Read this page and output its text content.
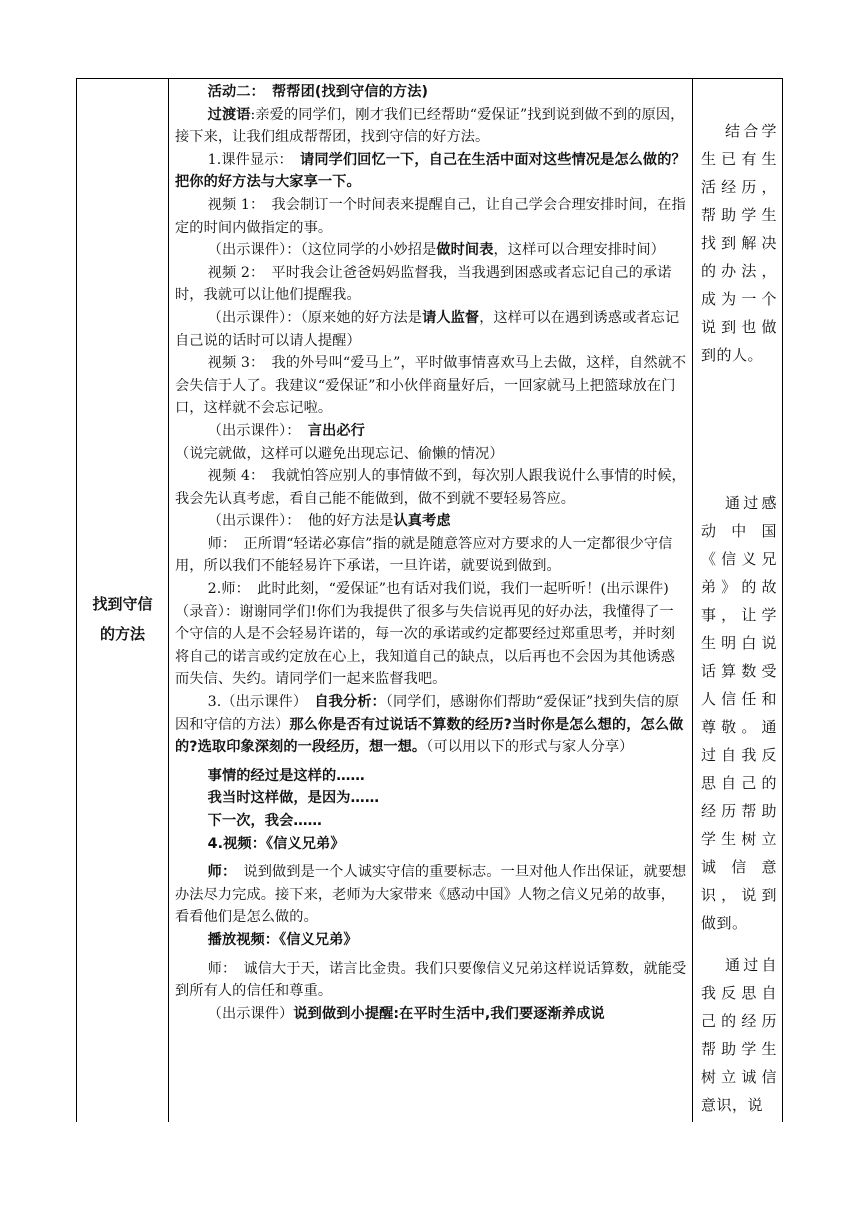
找到守信
的方法

活动二：　 帮帮团(找到守信的方法)

过渡语:亲爱的同学们，刚才我们已经帮助“爱保证”找到说到做不到的原因，接下来，让我们组成帮帮团，找到守信的好方法。

1.课件显示：　 请同学们回忆一下，自己在生活中面对这些情况是怎么做的？ 把你的好方法与大家享一下。

视频 1：　我会制订一个时间表来提醒自己，让自己学会合理安排时间，在指定的时间内做指定的事。

（出示课件）：（这位同学的小妙招是做时间表，这样可以合理安排时间）

视频 2：　平时我会让爸爸妈妈监督我，当我遇到困惑或者忘记自己的承诺时，我就可以让他们提醒我。

（出示课件）：（原来她的好方法是请人监督，这样可以在遇到诱惑或者忘记自己说的话时可以请人提醒）

视频 3：　我的外号叫“爱马上”，平时做事情喜欢马上去做，这样，自然就不会失信于人了。我建议“爱保证”和小伙伴商量好后，一回家就马上把篮球放在门口，这样就不会忘记啦。

（出示课件）：　 言出必行（说完就做，这样可以避免出现忘记、偷懒的情况）

视频 4：　我就怕答应别人的事情做不到，每次别人跟我说什么事情的时候，我会先认真考虑，看自己能不能做到，做不到就不要轻易答应。

（出示课件）：　他的好方法是认真考虑

师：　正所谓“轻诺必寡信”指的就是随意答应对方要求的人一定都很少守信用，所以我们不能轻易许下承诺，一旦许诺，就要说到做到。

2.师：　此时此刻，“爱保证”也有话对我们说，我们一起听听！(出示课件)（录音）：谢谢同学们!你们为我提供了很多与失信说再见的好办法，我懂得了一个守信的人是不会轻易许诺的，每一次的承诺或约定都要经过郑重思考，并时刻将自己的诺言或约定放在心上，我知道自己的缺点，以后再也不会因为其他诱惑而失信、失约。请同学们一起来监督我吧。

3.（出示课件）　 自我分析：（同学们，感谢你们帮助“爱保证”找到失信的原因和守信的方法）那么你是否有过说话不算数的经历?当时你是怎么想的，怎么做的?选取印象深刻的一段经历，想一想。（可以用以下的形式与家人分享）

事情的经过是这样的……

我当时这样做，是因为……

下一次，我会……

4.视频：《信义兄弟》

师：　说到做到是一个人诚实守信的重要标志。一旦对他人作出保证，就要想办法尽力完成。接下来，老师为大家带来《感动中国》人物之信义兄弟的故事，看看他们是怎么做的。

播放视频：《信义兄弟》

师：　诚信大于天，诺言比金贵。我们只要像信义兄弟这样说话算数，就能受到所有人的信任和尊重。

（出示课件）说到做到小提醒:在平时生活中,我们要逐渐养成说

结合学生已有生活经历，帮助学生找到解决的办法，成为一个说到也做到的人。

通过感动中国《信义兄弟》的故事，让学生明白说话算数受人信任和尊敬。通过自我反思自己的经历帮助学生树立诚信意识，说到做到。

通过自我反思自己的经历帮助学生树立诚信意识，说
